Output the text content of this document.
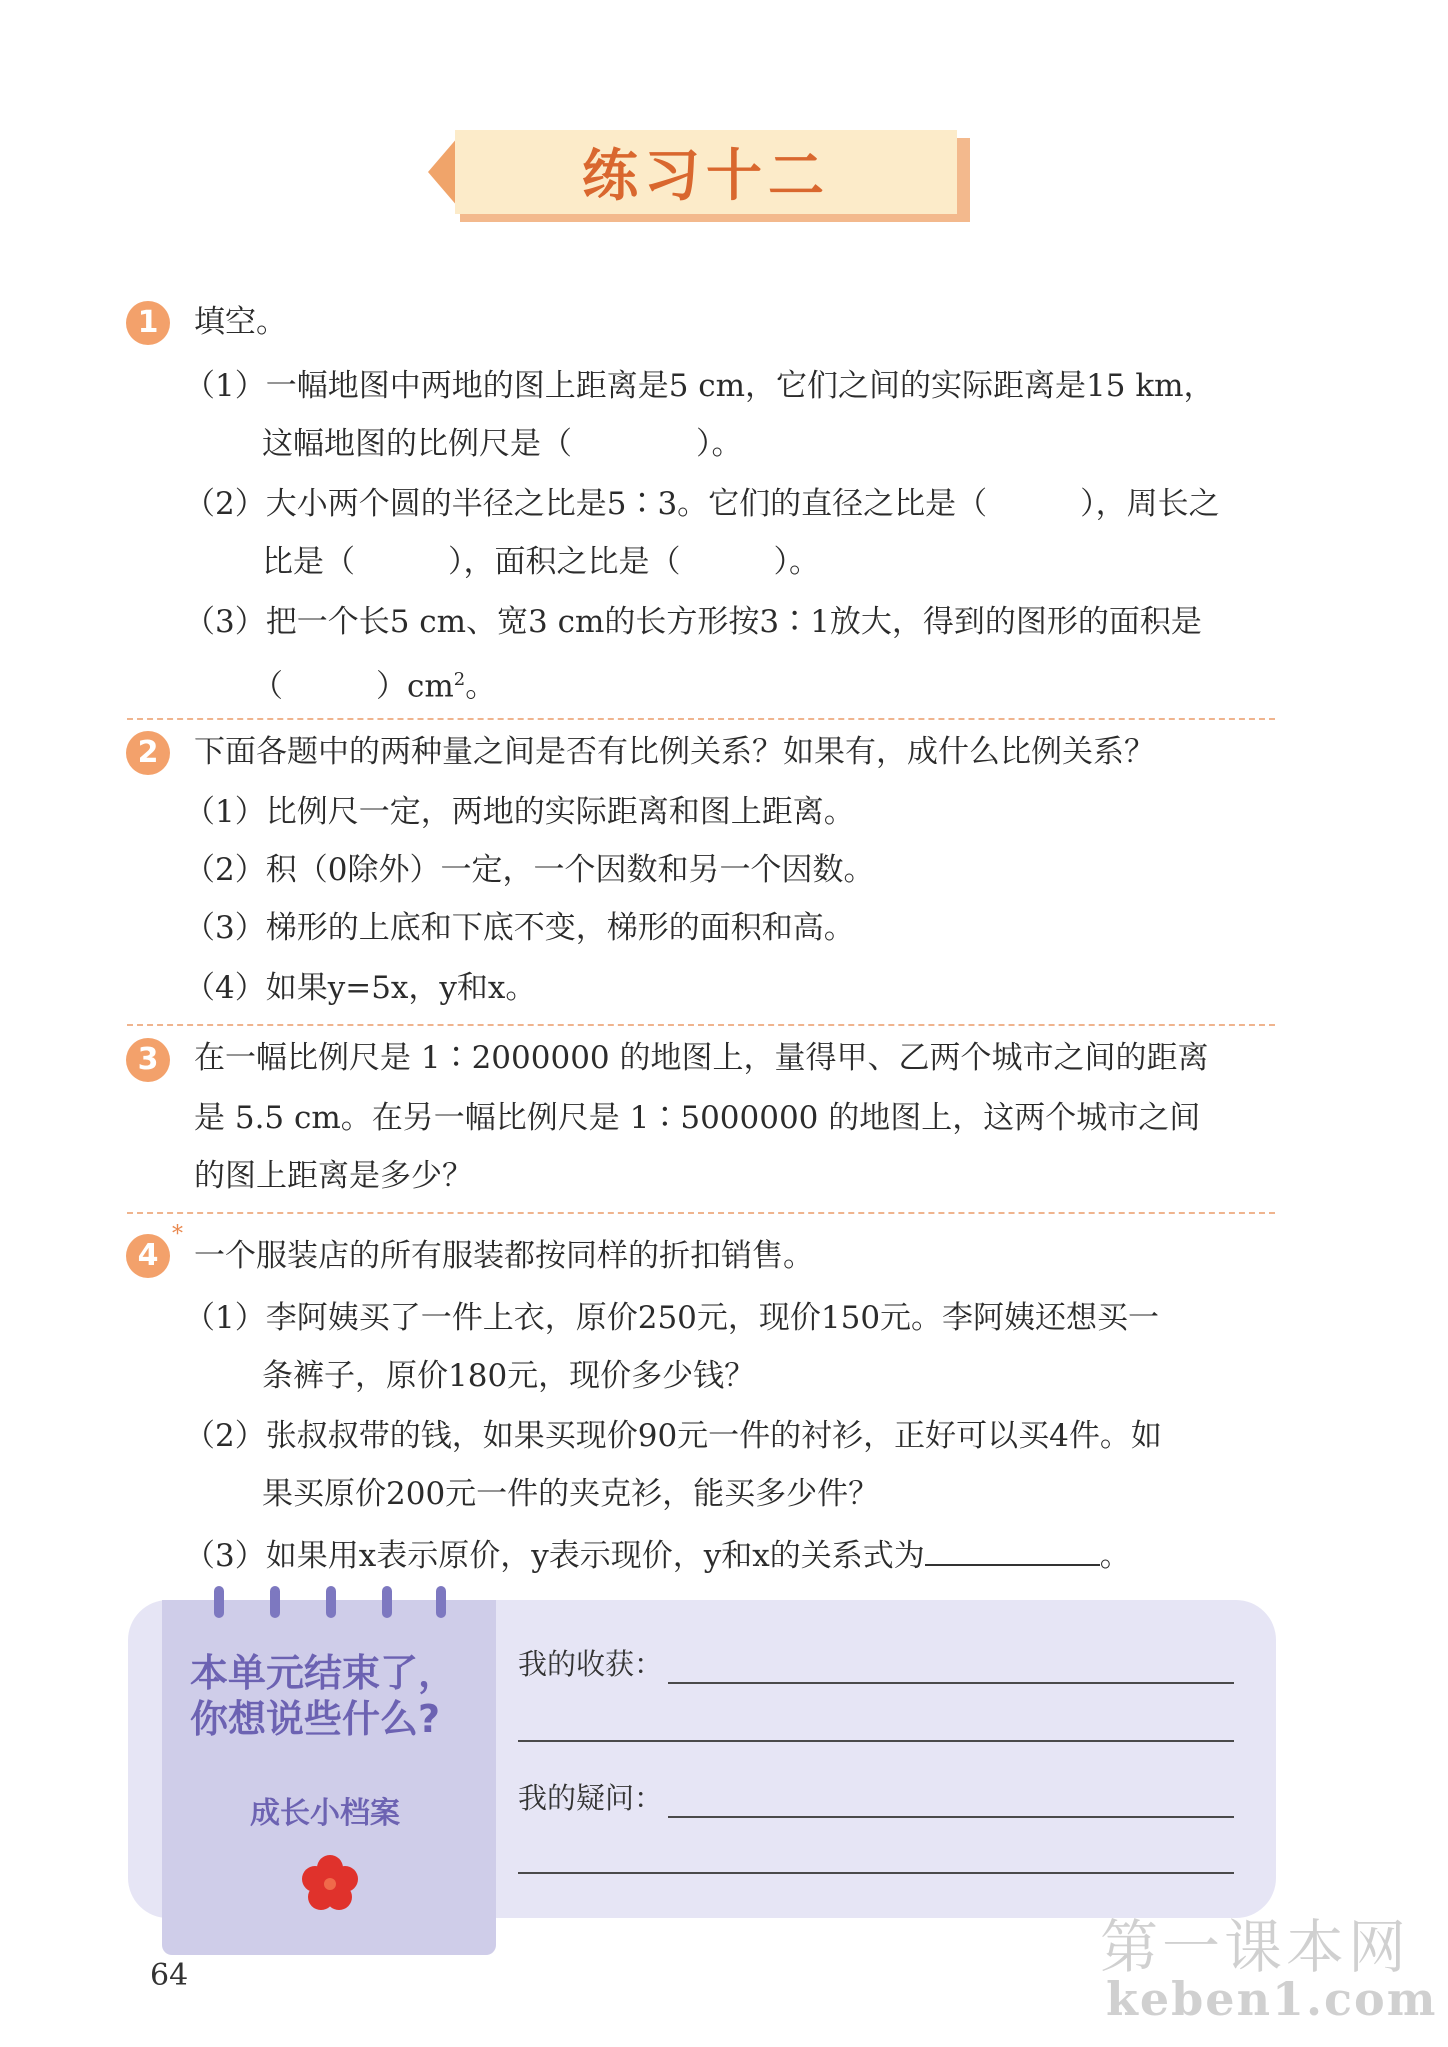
练习十二
1	填空。
（1）一幅地图中两地的图上距离是5 cm，它们之间的实际距离是15 km，
这幅地图的比例尺是（　　　　）。
（2）大小两个圆的半径之比是5∶3。它们的直径之比是（　　　），周长之
比是（　　　），面积之比是（　　　）。
（3）把一个长5 cm、宽3 cm的长方形按3∶1放大，得到的图形的面积是
（　　　）$cm^2$。
2	下面各题中的两种量之间是否有比例关系？如果有，成什么比例关系？
（1）比例尺一定，两地的实际距离和图上距离。
（2）积（0除外）一定，一个因数和另一个因数。
（3）梯形的上底和下底不变，梯形的面积和高。
（4）如果y=5x，y和x。
3	在一幅比例尺是 1∶2000000 的地图上，量得甲、乙两个城市之间的距离
是 5.5 cm。在另一幅比例尺是 1∶5000000 的地图上，这两个城市之间
的图上距离是多少？
4
*
一个服装店的所有服装都按同样的折扣销售。
（1）李阿姨买了一件上衣，原价250元，现价150元。李阿姨还想买一
条裤子，原价180元，现价多少钱？
（2）张叔叔带的钱，如果买现价90元一件的衬衫，正好可以买4件。如
果买原价200元一件的夹克衫，能买多少件？
（3）如果用x表示原价，y表示现价，y和x的关系式为	。
本单元结束了，
你想说些什么?
成长小档案
我的收获：
我的疑问：
64	第一课本网
keben1.com
